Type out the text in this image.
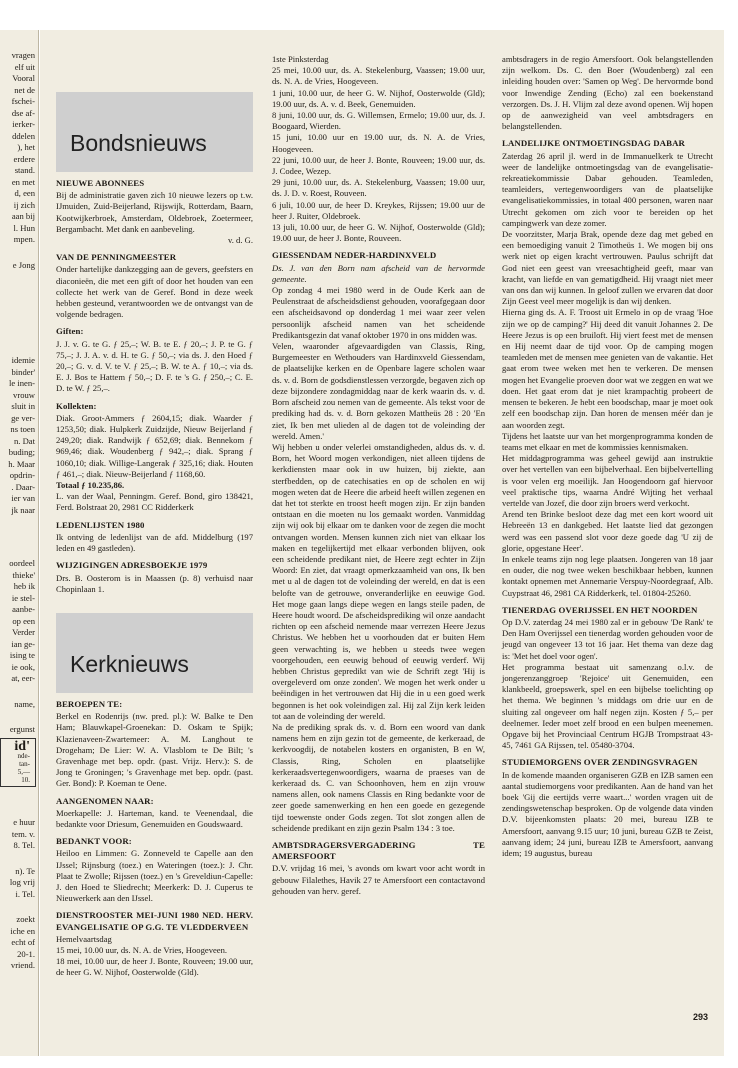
vragen
elf uit
Vooral
net de
fschei-
dse af-
ierker-
ddelen
), het
erdere
stand.
en met
d, een
ij zich
aan bij
l. Hun
mpen.
e Jong
idemie
binder'
le inen-
vrouw
sluit in
ge ver-
ns toen
n. Dat
buding;
h. Maar
opdrin-
. Daar-
ier van
jk naar
oordeel
thieke'
heb ik
ie stel-
aanbe-
op een
Verder
ian ge-
ising te
ie ook,
at, eer-
name,
ergunst
id'
nde-
tan-
5,—
10.
e huur
tem. v.
8. Tel.
n). Te
log vrij
i. Tel.
zoekt
iche en
echt of
20-1.
vriend.
Bondsnieuws
NIEUWE ABONNEES

Bij de administratie gaven zich 10 nieuwe lezers op t.w. IJmuiden, Zuid-Beijerland, Rijswijk, Rotterdam, Baarn, Kootwijkerbroek, Amsterdam, Oldebroek, Zoetermeer, Bergambacht. Met dank en aanbeveling.

v. d. G.

VAN DE PENNINGMEESTER

Onder hartelijke dankzegging aan de gevers, geefsters en diaconieën, die met een gift of door het houden van een collecte het werk van de Geref. Bond in deze week hebben gesteund, verantwoorden we de ontvangst van de volgende bedragen.

Giften:

J. J. v. G. te G. ƒ 25,–; W. B. te E. ƒ 20,–; J. P. te G. ƒ 75,–; J. J. A. v. d. H. te G. ƒ 50,–; via ds. J. den Hoed ƒ 20,–; G. v. d. V. te V. ƒ 25,–; B. W. te A. ƒ 10,–; via ds. E. J. Bos te Hattem ƒ 50,–; D. F. te 's G. ƒ 250,–; C. E. D. te W. ƒ 25,–.

Kollekten:

Diak. Groot-Ammers ƒ 2604,15; diak. Waarder ƒ 1253,50; diak. Hulpkerk Zuidzijde, Nieuw Beijerland ƒ 249,20; diak. Randwijk ƒ 652,69; diak. Bennekom ƒ 969,46; diak. Woudenberg ƒ 942,–; diak. Sprang ƒ 1060,10; diak. Willige-Langerak ƒ 325,16; diak. Houten ƒ 461,–; diak. Nieuw-Beijerland ƒ 1168,60.

Totaal ƒ 10.235,86.

L. van der Waal, Penningm. Geref. Bond, giro 138421, Ferd. Bolstraat 20, 2981 CC Ridderkerk

LEDENLIJSTEN 1980

Ik ontving de ledenlijst van de afd. Middelburg (197 leden en 49 gastleden).

WIJZIGINGEN ADRESBOEKJE 1979

Drs. B. Oosterom is in Maassen (p. 8) verhuisd naar Chopinlaan 1.

Kerknieuws
BEROEPEN TE:

Berkel en Rodenrijs (nw. pred. pl.): W. Balke te Den Ham; Blauwkapel-Groenekan: D. Oskam te Spijk; Klazienaveen-Zwartemeer: A. M. Langhout te Drogeham; De Lier: W. A. Vlasblom te De Bilt; 's Gravenhage met bep. opdr. (past. Vrijz. Herv.): S. de Jong te Groningen; 's Gravenhage met bep. opdr. (past. Ger. Bond): P. Koeman te Oene.

AANGENOMEN NAAR:

Moerkapelle: J. Harteman, kand. te Veenendaal, die bedankte voor Driesum, Genemuiden en Goudswaard.

BEDANKT VOOR:

Heiloo en Limmen: G. Zonneveld te Capelle aan den IJssel; Rijnsburg (toez.) en Wateringen (toez.): J. Chr. Plaat te Zwolle; Rijssen (toez.) en 's Greveldiun-Capelle: J. den Hoed te Sliedrecht; Meerkerk: D. J. Cuperus te Nieuwerkerk aan den IJssel.

DIENSTROOSTER MEI-JUNI 1980 NED. HERV. EVANGELISATIE OP G.G. TE VLEDDERVEEN

Hemelvaartsdag
15 mei, 10.00 uur, ds. N. A. de Vries, Hoogeveen.
18 mei, 10.00 uur, de heer J. Bonte, Rouveen; 19.00 uur, de heer G. W. Nijhof, Oosterwolde (Gld).

1ste Pinksterdag
25 mei, 10.00 uur, ds. A. Stekelenburg, Vaassen; 19.00 uur, ds. N. A. de Vries, Hoogeveen.
1 juni, 10.00 uur, de heer G. W. Nijhof, Oosterwolde (Gld); 19.00 uur, ds. A. v. d. Beek, Genemuiden.
8 juni, 10.00 uur, ds. G. Willemsen, Ermelo; 19.00 uur, ds. J. Boogaard, Wierden.
15 juni, 10.00 uur en 19.00 uur, ds. N. A. de Vries, Hoogeveen.
22 juni, 10.00 uur, de heer J. Bonte, Rouveen; 19.00 uur, ds. J. Codee, Wezep.
29 juni, 10.00 uur, ds. A. Stekelenburg, Vaassen; 19.00 uur, ds. J. D. v. Roest, Rouveen.
6 juli, 10.00 uur, de heer D. Kreykes, Rijssen; 19.00 uur de heer J. Ruiter, Oldebroek.
13 juli, 10.00 uur, de heer G. W. Nijhof, Oosterwolde (Gld); 19.00 uur, de heer J. Bonte, Rouveen.

GIESSENDAM NEDER-HARDINXVELD

Ds. J. van den Born nam afscheid van de hervormde gemeente.

Op zondag 4 mei 1980 werd in de Oude Kerk aan de Peulenstraat de afscheidsdienst gehouden, voorafgegaan door een afscheidsavond op donderdag 1 mei waar zeer velen persoonlijk afscheid namen van het scheidende Predikantsgezin dat vanaf oktober 1970 in ons midden was.
Velen, waaronder afgevaardigden van Classis, Ring, Burgemeester en Wethouders van Hardinxveld Giessendam, de plaatselijke kerken en de Openbare lagere scholen waar ds. v. d. Born de godsdienstlessen verzorgde, begaven zich op deze bijzondere zondagmiddag naar de kerk waarin ds. v. d. Born afscheid zou nemen van de gemeente. Als tekst voor de prediking had ds. v. d. Born gekozen Mattheüs 28 : 20 'En ziet, Ik ben met ulieden al de dagen tot de voleinding der wereld. Amen.'
Wij hebben u onder velerlei omstandigheden, aldus ds. v. d. Born, het Woord mogen verkondigen, niet alleen tijdens de kerkdiensten maar ook in uw huizen, bij ziekte, aan sterfbedden, op de catechisaties en op de scholen en wij mogen weten dat de Heere die arbeid heeft willen zegenen en dat het tot sterkte en troost heeft mogen zijn. Er zijn banden ontstaan en die moeten nu los gemaakt worden. Vanmiddag zijn wij ook bij elkaar om te danken voor de zegen die mocht ontvangen worden. Mensen kunnen zich niet van elkaar los maken en tegelijkertijd met elkaar verbonden blijven, ook een scheidende predikant niet, de Heere zegt echter in Zijn Woord: En ziet, dat vraagt opmerkzaamheid van ons, Ik ben met u al de dagen tot de voleinding der wereld, en dat is een belofte van de getrouwe, onveranderlijke en eeuwige God. Het moge gaan langs diepe wegen en langs steile paden, de Heere houdt woord. De afscheidsprediking wil onze aandacht richten op een afscheid nemende maar verrezen Heere Jezus Christus. We hebben het u voorhouden dat er buiten Hem geen verwachting is, we hebben u steeds twee wegen voorgehouden, een eeuwig behoud of eeuwig verderf. Wij hebben Christus gepredikt van wie de Schrift zegt 'Hij is overgeleverd om onze zonden'. We mogen het werk onder u beëindigen in het vertrouwen dat Hij die in u een goed werk begonnen is het ook voleindigen zal. Hij zal Zijn kerk leiden tot aan de voleinding der wereld.
Na de prediking sprak ds. v. d. Born een woord van dank namens hem en zijn gezin tot de gemeente, de kerkeraad, de kerkvoogdij, de notabelen kosters en organisten, B en W, Classis, Ring, Scholen en plaatselijke kerkeraadsvertegenwoordigers, waarna de praeses van de kerkeraad ds. C. van Schoonhoven, hem en zijn vrouw namens allen, ook namens Classis en Ring bedankte voor de zeer goede samenwerking en hen een goede en gezegende tijd toewenste onder Gods zegen. Tot slot zongen allen de scheidende predikant en zijn gezin Psalm 134 : 3 toe.

AMBTSDRAGERSVERGADERING TE AMERSFOORT

D.V. vrijdag 16 mei, 's avonds om kwart voor acht wordt in gebouw Filalethes, Havik 27 te Amersfoort een contactavond gehouden van herv. geref.

ambtsdragers in de regio Amersfoort. Ook belangstellenden zijn welkom. Ds. C. den Boer (Woudenberg) zal een inleiding houden over: 'Samen op Weg'. De hervormde bond voor Inwendige Zending (Echo) zal een boekenstand verzorgen. Ds. J. H. Vlijm zal deze avond openen. Wij hopen op de aanwezigheid van veel ambtsdragers en belangstellenden.

LANDELIJKE ONTMOETINGSDAG DABAR

Zaterdag 26 april jl. werd in de Immanuelkerk te Utrecht weer de landelijke ontmoetingsdag van de evangelisatie-rekreatiekommissie Dabar gehouden. Teamleden, teamleiders, vertegenwoordigers van de plaatselijke evangelisatiekommissies, in totaal 400 personen, waren naar Utrecht gekomen om zich voor te bereiden op het campingwerk van deze zomer.
De voorzitster, Marja Brak, opende deze dag met gebed en een bemoediging vanuit 2 Timotheüs 1. We mogen bij ons werk niet op eigen kracht vertrouwen. Paulus schrijft dat God niet een geest van vreesachtigheid geeft, maar van kracht, van liefde en van gematigdheid. Hij vraagt niet meer van ons dan wij kunnen. In geloof zullen we ervaren dat door Zijn Geest veel meer mogelijk is dan wij denken.
Hierna ging ds. A. F. Troost uit Ermelo in op de vraag 'Hoe zijn we op de camping?' Hij deed dit vanuit Johannes 2. De Heere Jezus is op een bruiloft. Hij viert feest met de mensen en Hij neemt daar de tijd voor. Op de camping mogen teamleden met de mensen mee genieten van de vakantie. Het gaat erom twee weken met hen te verkeren. De mensen mogen het Evangelie proeven door wat we zeggen en wat we doen. Het gaat erom dat je niet krampachtig probeert de mensen te bekeren. Je hebt een boodschap, maar je moet ook zelf een boodschap zijn. Dan horen de mensen méér dan je aan woorden zegt.
Tijdens het laatste uur van het morgenprogramma konden de teams met elkaar en met de kommissies kennismaken.
Het middagprogramma was geheel gewijd aan instruktie over het vertellen van een bijbelverhaal. Een bijbelvertelling is voor velen erg moeilijk. Jan Hoogendoorn gaf hiervoor veel praktische tips, waarna André Wijting het verhaal vertelde van Jozef, die door zijn broers werd verkocht.
Arend ten Brinke besloot deze dag met een kort woord uit Hebreeën 13 en dankgebed. Het laatste lied dat gezongen werd was een passend slot voor deze goede dag 'U zij de glorie, opgestane Heer'.
In enkele teams zijn nog lege plaatsen. Jongeren van 18 jaar en ouder, die nog twee weken beschikbaar hebben, kunnen kontakt opnemen met Annemarie Verspuy-Noordegraaf, Alb. Cuypstraat 46, 2981 CA Ridderkerk, tel. 01804-25260.

TIENERDAG OVERIJSSEL EN HET NOORDEN

Op D.V. zaterdag 24 mei 1980 zal er in gebouw 'De Rank' te Den Ham Overijssel een tienerdag worden gehouden voor de jeugd van ongeveer 13 tot 16 jaar. Het thema van deze dag is: 'Met het doel voor ogen'.
Het programma bestaat uit samenzang o.l.v. de jongerenzanggroep 'Rejoice' uit Genemuiden, een klankbeeld, groepswerk, spel en een bijbelse toelichting op het thema. We beginnen 's middags om drie uur en de sluiting zal ongeveer om half negen zijn. Kosten ƒ 5,– per deelnemer. Ieder moet zelf brood en een bulpen meenemen. Opgave bij het Provinciaal Centrum HGJB Trompstraat 43-45, 7461 GA Rijssen, tel. 05480-3704.

STUDIEMORGENS OVER ZENDINGSVRAGEN

In de komende maanden organiseren GZB en IZB samen een aantal studiemorgens voor predikanten. Aan de hand van het boek 'Gij die eertijds verre waart...' worden vragen uit de zendingswetenschap besproken. Op de volgende data vinden D.V. bijeenkomsten plaats: 20 mei, bureau IZB te Amersfoort, aanvang 9.15 uur; 10 juni, bureau GZB te Zeist, aanvang idem; 24 juni, bureau IZB te Amersfoort, aanvang idem; 19 augustus, bureau

293
